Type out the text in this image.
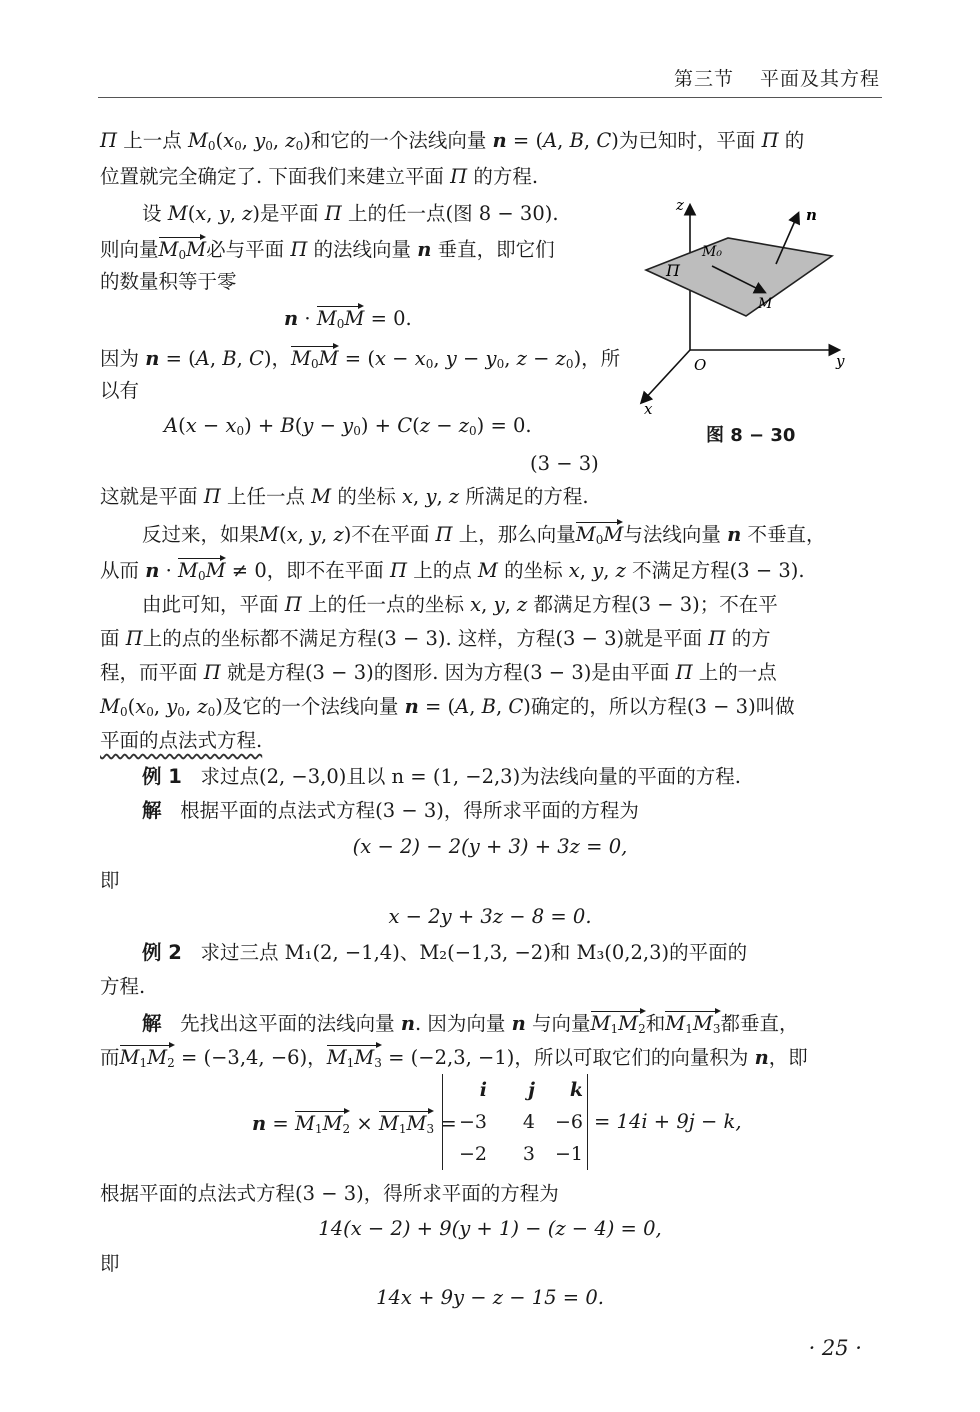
第三节 平面及其方程
Π 上一点 $M_0(x_0$, $y_0$, $z_0$)和它的一个法线向量 n = (A, B, C)为已知时，平面 Π 的
位置就完全确定了. 下面我们来建立平面 Π 的方程.
设 M(x, y, z)是平面 Π 上的任一点(图 8 − 30).
则向量$M_0M$必与平面 Π 的法线向量 n 垂直，即它们
的数量积等于零
$n \cdot M_0M = 0$.
因为 n = (A, B, C)，$M_0M = (x - x_0$, $y - y_0$, $z - z_0$)，所
以有
$A(x - x_0) + B(y - y_0) + C(z - z_0) = 0$.
(3 − 3)
z
y
x
O
n
Π
M₀
M
图 8 − 30
这就是平面 Π 上任一点 M 的坐标 x, y, z 所满足的方程.
反过来，如果M(x, y, z)不在平面 Π 上，那么向量$M_0M$与法线向量 n 不垂直，
从而 $n \cdot M_0M \ne 0$，即不在平面 Π 上的点 M 的坐标 x, y, z 不满足方程(3 − 3).
由此可知，平面 Π 上的任一点的坐标 x, y, z 都满足方程(3 − 3)；不在平
面 Π上的点的坐标都不满足方程(3 − 3). 这样，方程(3 − 3)就是平面 Π 的方
程，而平面 Π 就是方程(3 − 3)的图形. 因为方程(3 − 3)是由平面 Π 上的一点
$M_0(x_0$, $y_0$, $z_0$)及它的一个法线向量 n = (A, B, C)确定的，所以方程(3 − 3)叫做
平面的点法式方程.
例 1 求过点(2, −3,0)且以 n = (1, −2,3)为法线向量的平面的方程.
解 根据平面的点法式方程(3 − 3)，得所求平面的方程为
(x − 2) − 2(y + 3) + 3z = 0,
即
x − 2y + 3z − 8 = 0.
例 2 求过三点 M₁(2, −1,4)、M₂(−1,3, −2)和 M₃(0,2,3)的平面的
方程.
解 先找出这平面的法线向量 n. 因为向量 n 与向量$M_1M_2$和$M_1M_3$都垂直，
而$M_1M_2 = (-3,4$, −6)，$M_1M_3 = (-2,3$, −1)，所以可取它们的向量积为 n，即
$n = M_1M_2 \times M_1M_3$ =
i	j	k
−3	4	−6
−2	3	−1
= 14i + 9j − k,
根据平面的点法式方程(3 − 3)，得所求平面的方程为
14(x − 2) + 9(y + 1) − (z − 4) = 0,
即
14x + 9y − z − 15 = 0.
· 25 ·
